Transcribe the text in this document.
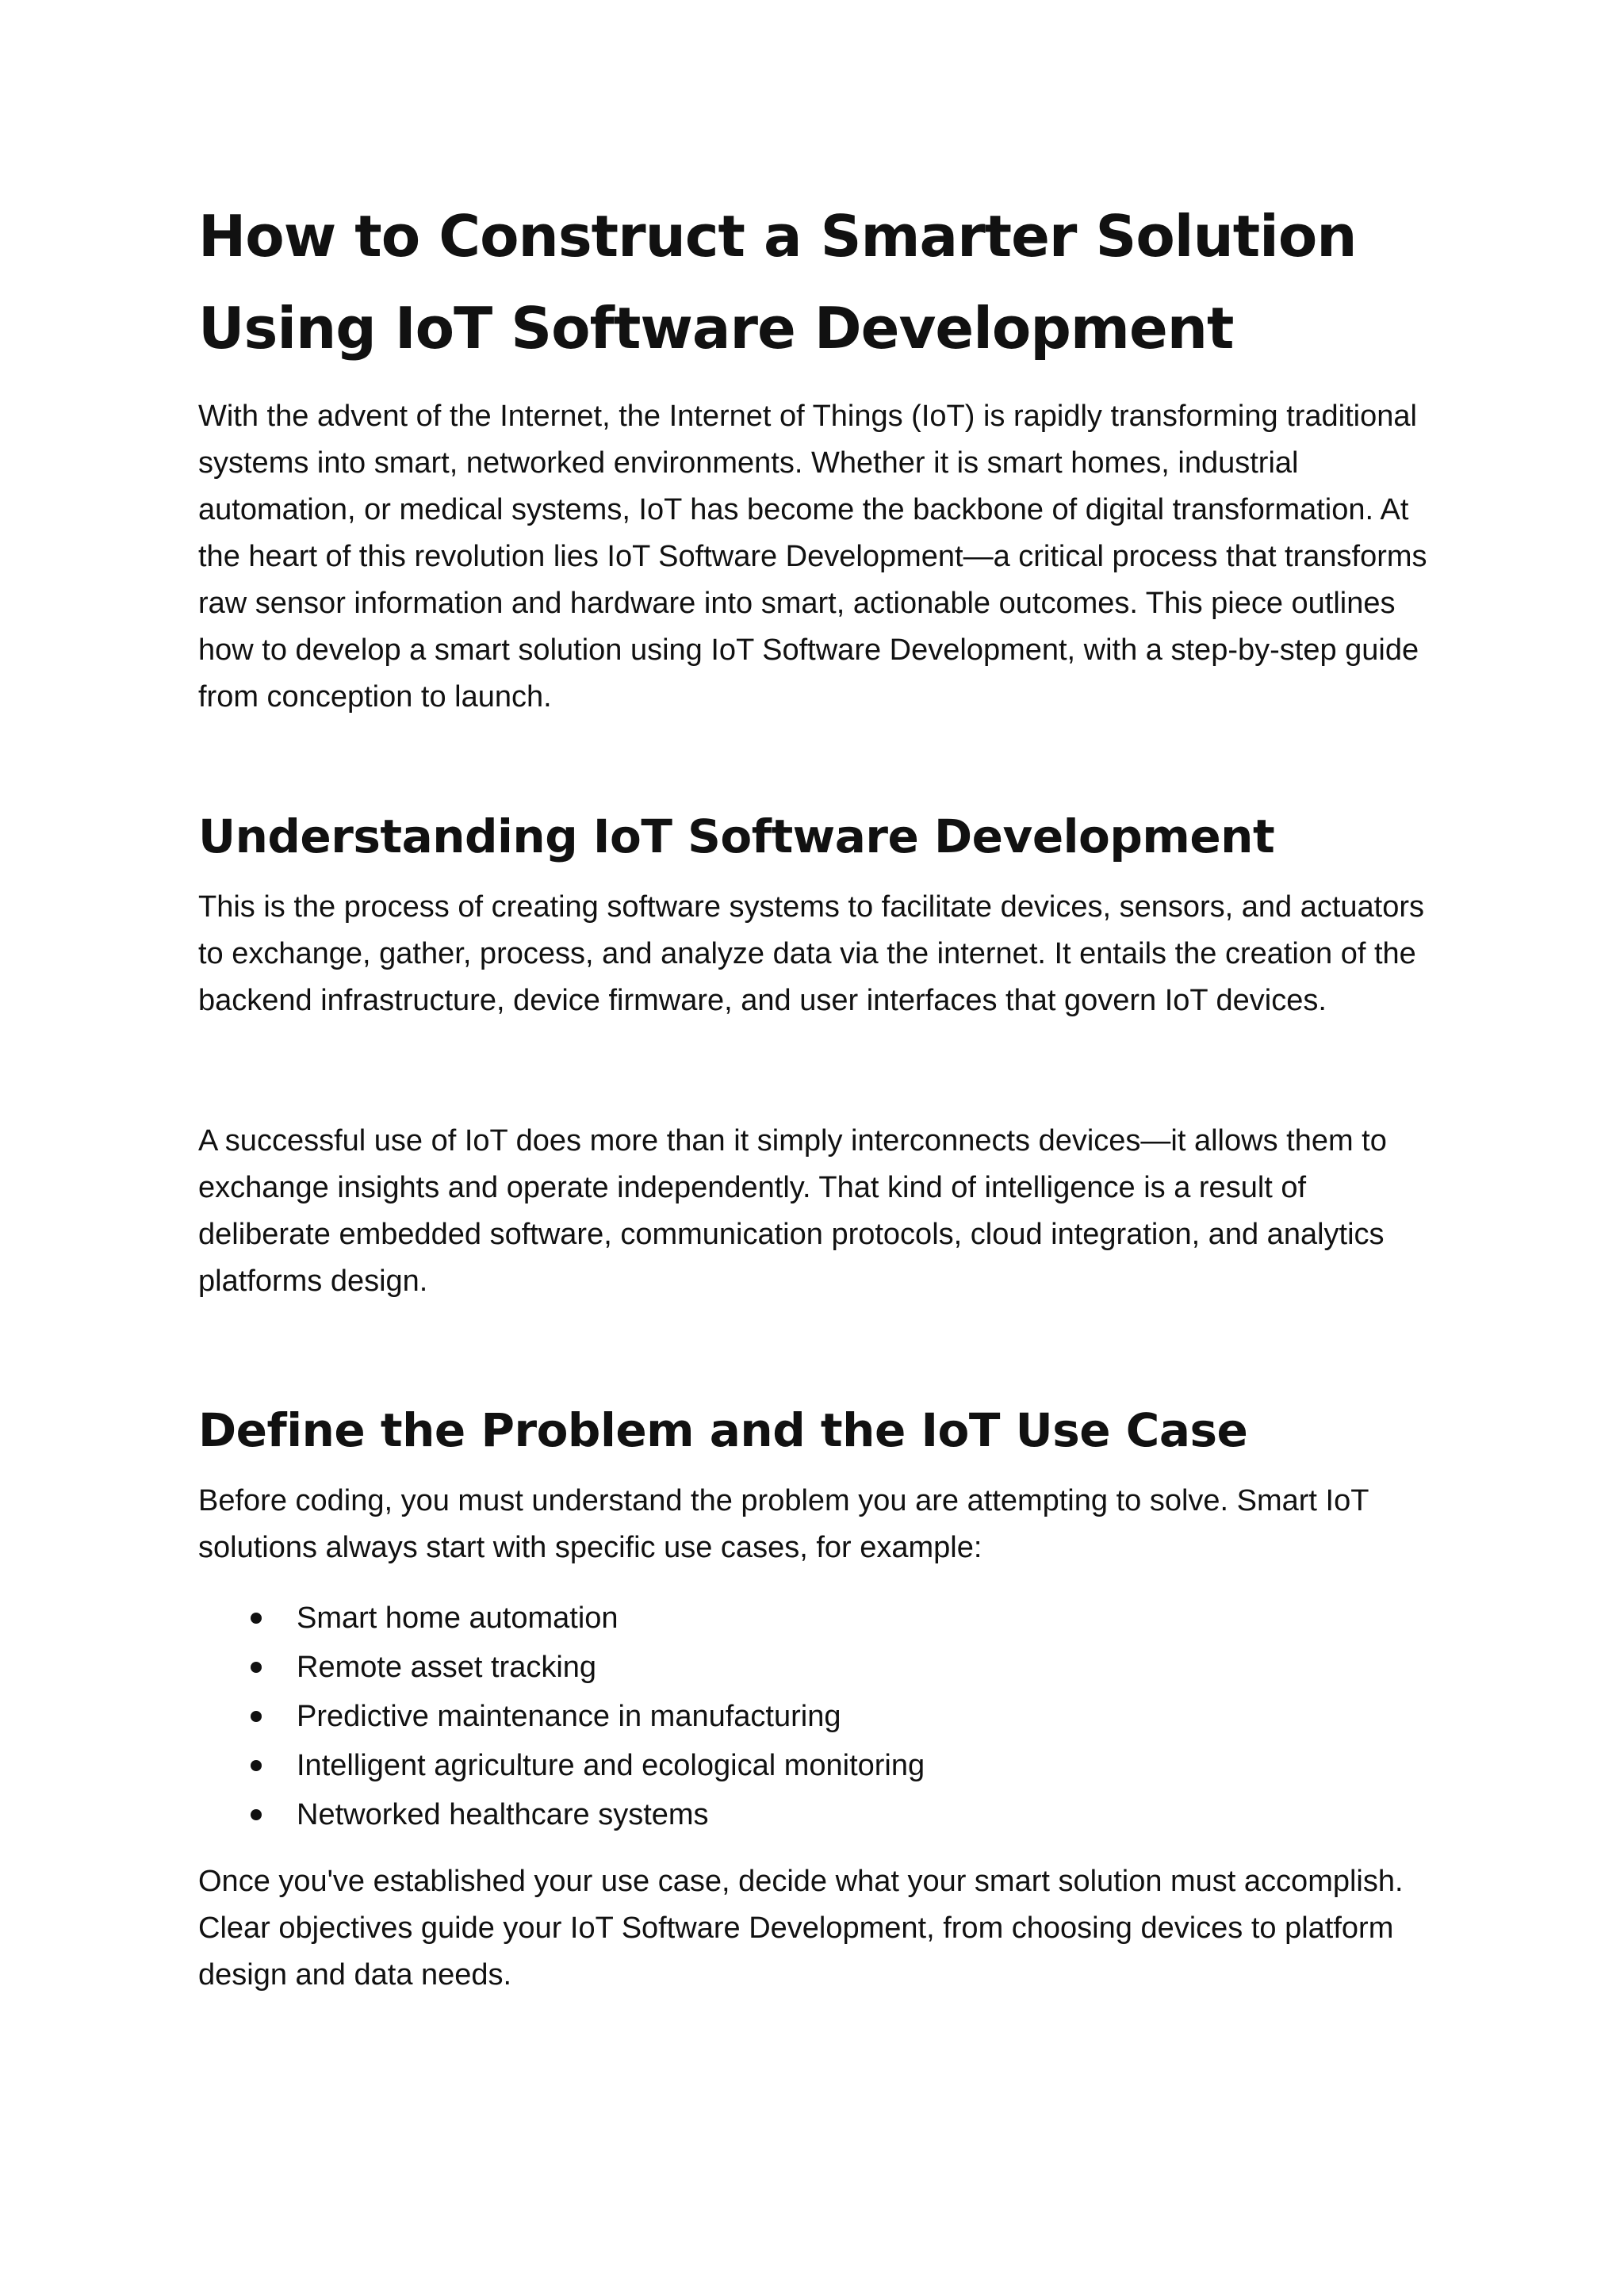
How to Construct a Smarter Solution Using IoT Software Development

With the advent of the Internet, the Internet of Things (IoT) is rapidly transforming traditional systems into smart, networked environments. Whether it is smart homes, industrial automation, or medical systems, IoT has become the backbone of digital transformation. At the heart of this revolution lies IoT Software Development—a critical process that transforms raw sensor information and hardware into smart, actionable outcomes. This piece outlines how to develop a smart solution using IoT Software Development, with a step-by-step guide from conception to launch.

Understanding IoT Software Development

This is the process of creating software systems to facilitate devices, sensors, and actuators to exchange, gather, process, and analyze data via the internet. It entails the creation of the backend infrastructure, device firmware, and user interfaces that govern IoT devices.

A successful use of IoT does more than it simply interconnects devices—it allows them to exchange insights and operate independently. That kind of intelligence is a result of deliberate embedded software, communication protocols, cloud integration, and analytics platforms design.

Define the Problem and the IoT Use Case

Before coding, you must understand the problem you are attempting to solve. Smart IoT solutions always start with specific use cases, for example:

Smart home automation
Remote asset tracking
Predictive maintenance in manufacturing
Intelligent agriculture and ecological monitoring
Networked healthcare systems

Once you've established your use case, decide what your smart solution must accomplish. Clear objectives guide your IoT Software Development, from choosing devices to platform design and data needs.
